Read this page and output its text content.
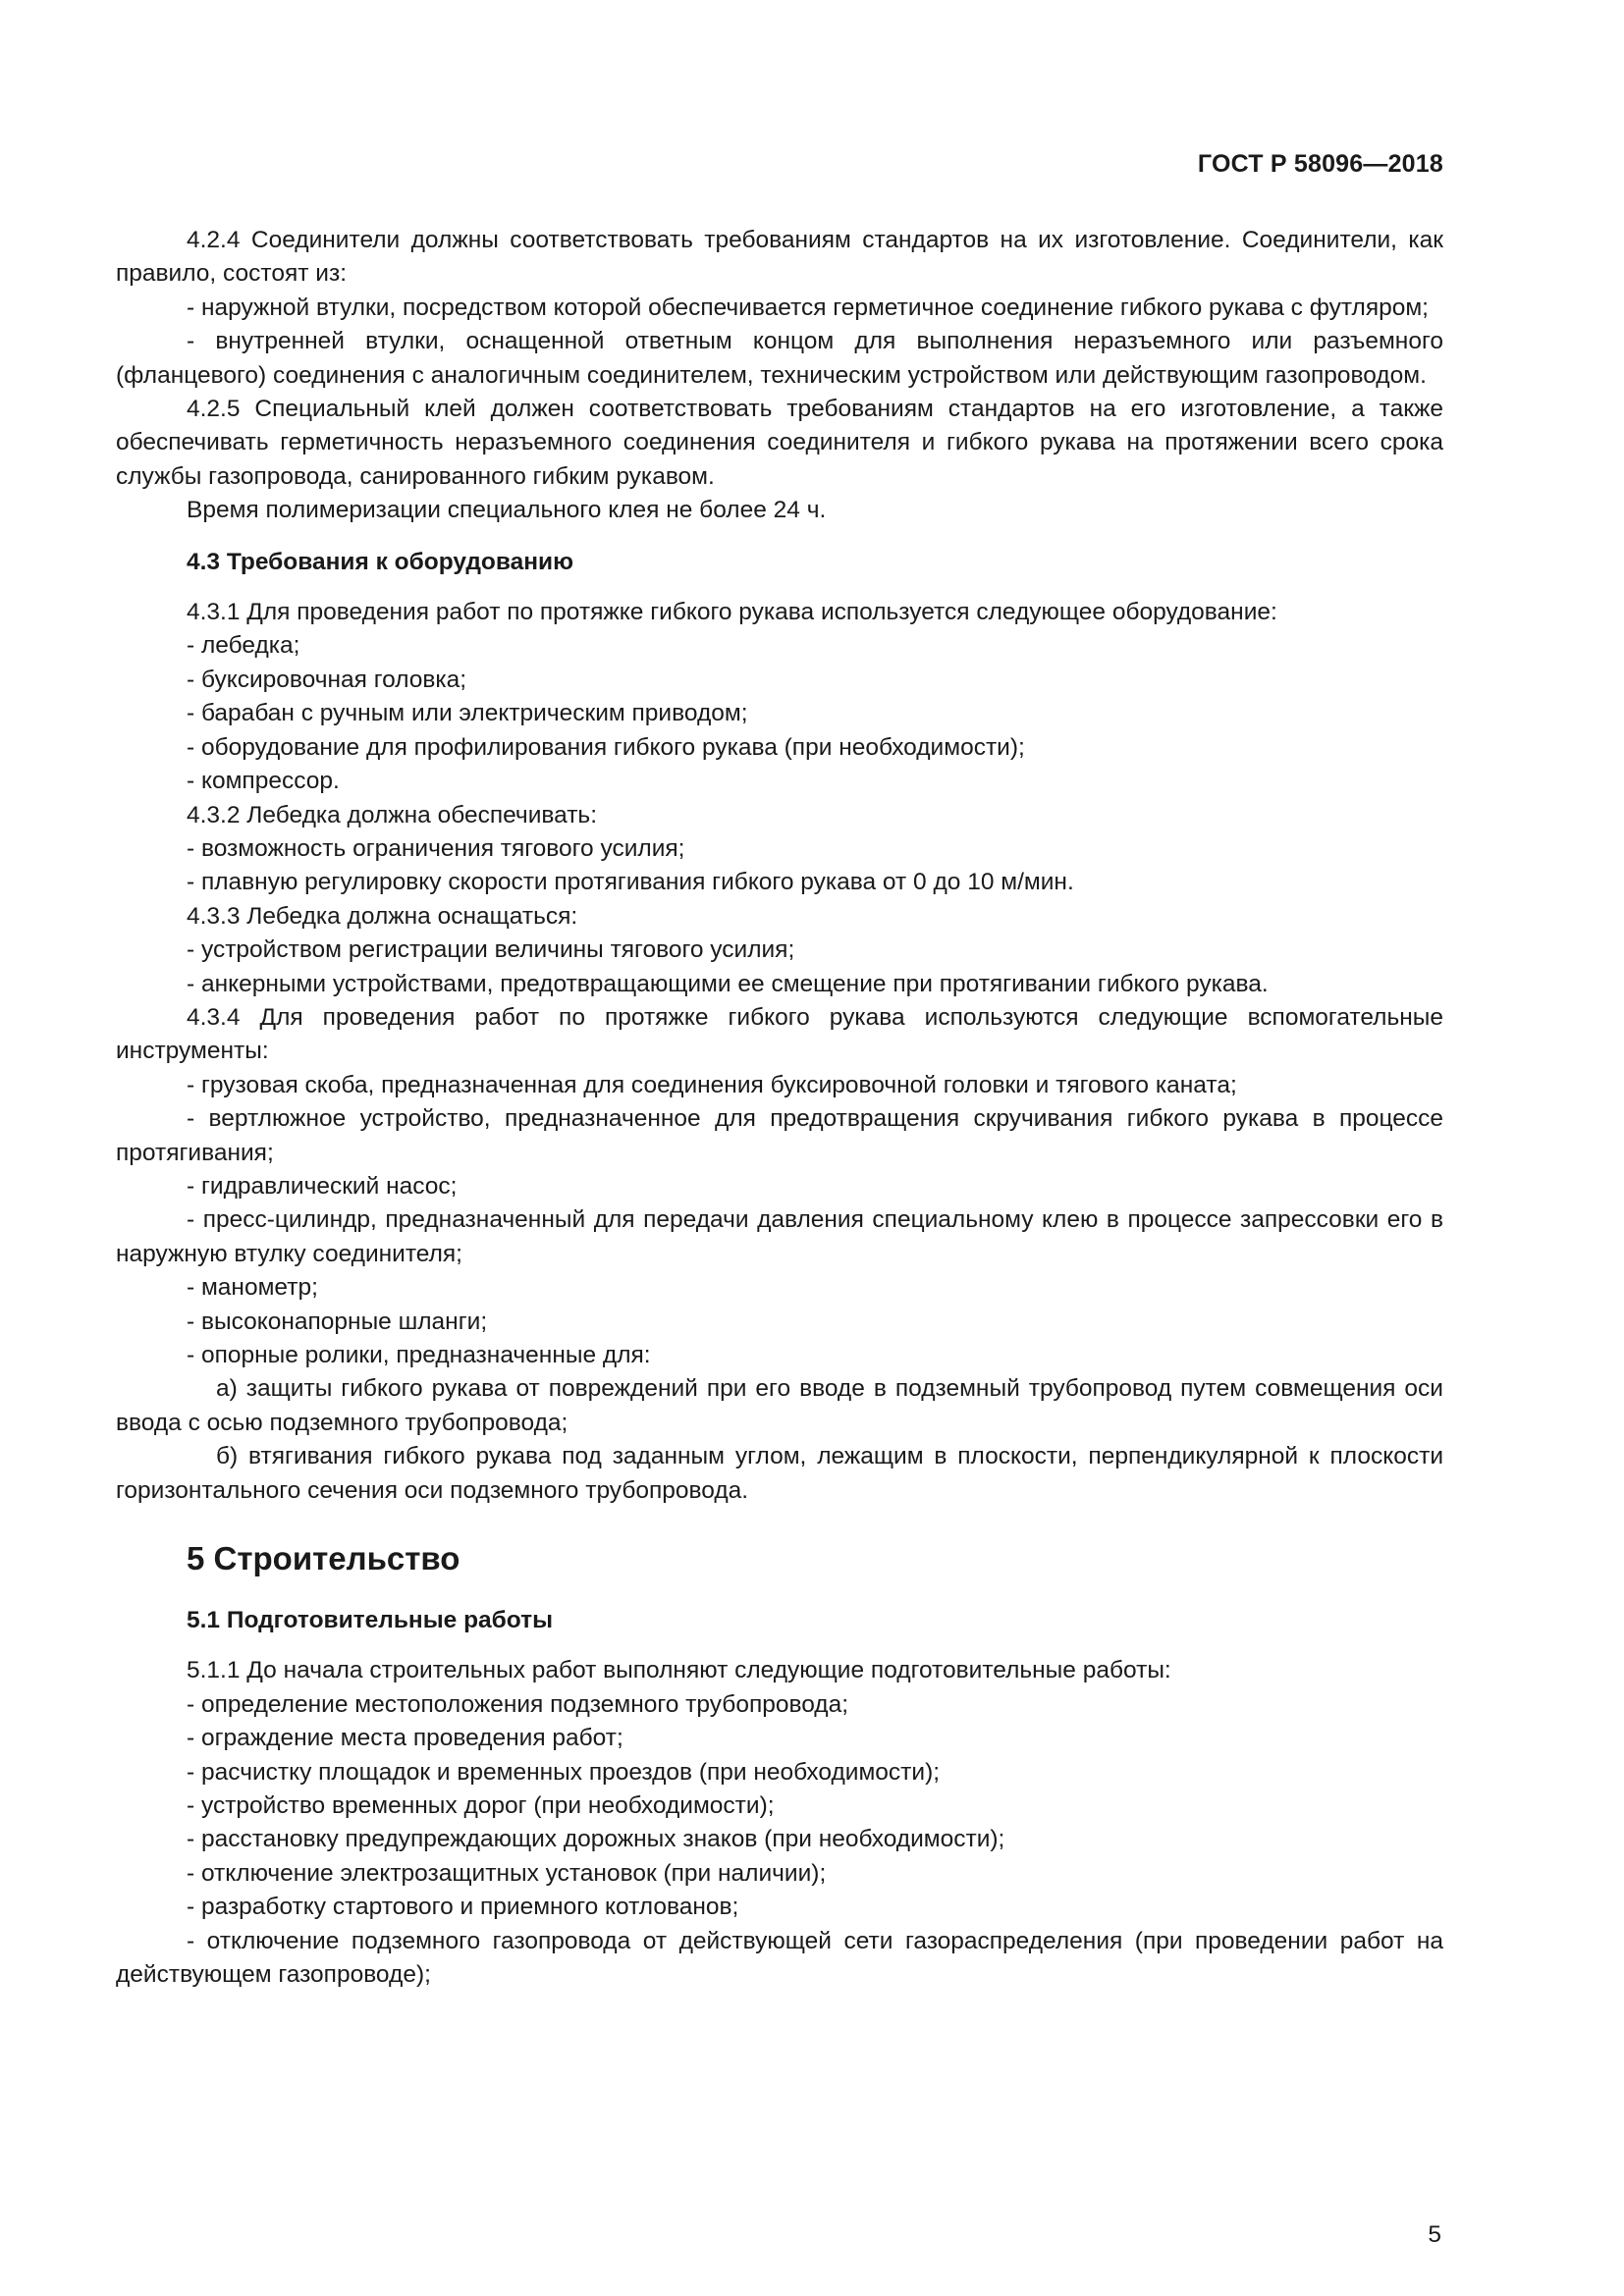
ГОСТ Р 58096—2018
4.2.4 Соединители должны соответствовать требованиям стандартов на их изготовление. Соединители, как правило, состоят из:
- наружной втулки, посредством которой обеспечивается герметичное соединение гибкого рукава с футляром;
- внутренней втулки, оснащенной ответным концом для выполнения неразъемного или разъемного (фланцевого) соединения с аналогичным соединителем, техническим устройством или действующим газопроводом.
4.2.5 Специальный клей должен соответствовать требованиям стандартов на его изготовление, а также обеспечивать герметичность неразъемного соединения соединителя и гибкого рукава на протяжении всего срока службы газопровода, санированного гибким рукавом.
Время полимеризации специального клея не более 24 ч.
4.3 Требования к оборудованию
4.3.1 Для проведения работ по протяжке гибкого рукава используется следующее оборудование:
- лебедка;
- буксировочная головка;
- барабан с ручным или электрическим приводом;
- оборудование для профилирования гибкого рукава (при необходимости);
- компрессор.
4.3.2 Лебедка должна обеспечивать:
- возможность ограничения тягового усилия;
- плавную регулировку скорости протягивания гибкого рукава от 0 до 10 м/мин.
4.3.3 Лебедка должна оснащаться:
- устройством регистрации величины тягового усилия;
- анкерными устройствами, предотвращающими ее смещение при протягивании гибкого рукава.
4.3.4 Для проведения работ по протяжке гибкого рукава используются следующие вспомогательные инструменты:
- грузовая скоба, предназначенная для соединения буксировочной головки и тягового каната;
- вертлюжное устройство, предназначенное для предотвращения скручивания гибкого рукава в процессе протягивания;
- гидравлический насос;
- пресс-цилиндр, предназначенный для передачи давления специальному клею в процессе запрессовки его в наружную втулку соединителя;
- манометр;
- высоконапорные шланги;
- опорные ролики, предназначенные для:
а) защиты гибкого рукава от повреждений при его вводе в подземный трубопровод путем совмещения оси ввода с осью подземного трубопровода;
б) втягивания гибкого рукава под заданным углом, лежащим в плоскости, перпендикулярной к плоскости горизонтального сечения оси подземного трубопровода.
5 Строительство
5.1 Подготовительные работы
5.1.1 До начала строительных работ выполняют следующие подготовительные работы:
- определение местоположения подземного трубопровода;
- ограждение места проведения работ;
- расчистку площадок и временных проездов (при необходимости);
- устройство временных дорог (при необходимости);
- расстановку предупреждающих дорожных знаков (при необходимости);
- отключение электрозащитных установок (при наличии);
- разработку стартового и приемного котлованов;
- отключение подземного газопровода от действующей сети газораспределения (при проведении работ на действующем газопроводе);
5
